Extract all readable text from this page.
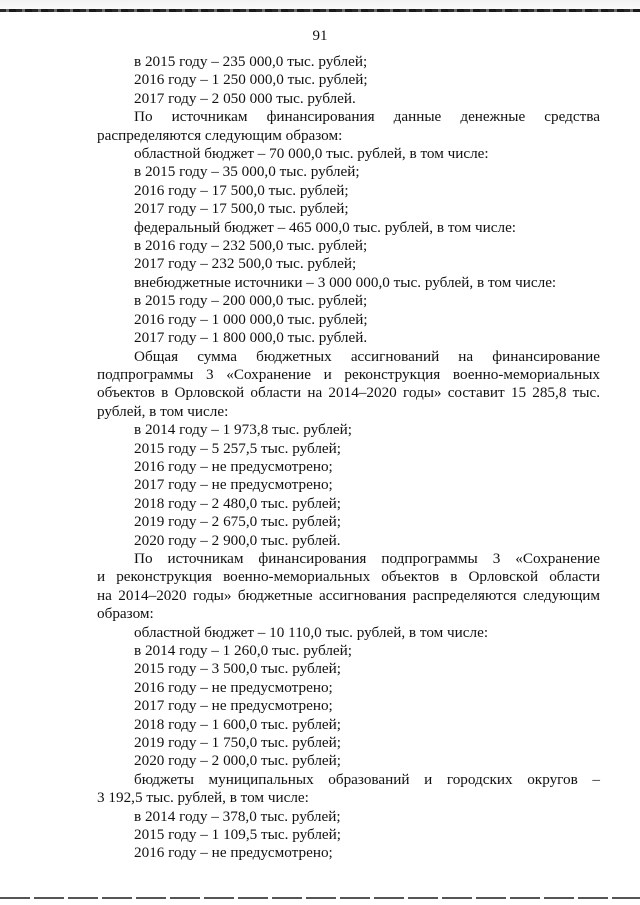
91
в 2015 году – 235 000,0 тыс. рублей;
2016 году – 1 250 000,0 тыс. рублей;
2017 году – 2 050 000 тыс. рублей.
По источникам финансирования данные денежные средства
распределяются следующим образом:
областной бюджет – 70 000,0 тыс. рублей, в том числе:
в 2015 году – 35 000,0 тыс. рублей;
2016 году – 17 500,0 тыс. рублей;
2017 году – 17 500,0 тыс. рублей;
федеральный бюджет – 465 000,0 тыс. рублей, в том числе:
в 2016 году – 232 500,0 тыс. рублей;
2017 году – 232 500,0 тыс. рублей;
внебюджетные источники – 3 000 000,0 тыс. рублей, в том числе:
в 2015 году – 200 000,0 тыс. рублей;
2016 году – 1 000 000,0 тыс. рублей;
2017 году – 1 800 000,0 тыс. рублей.
Общая сумма бюджетных ассигнований на финансирование
подпрограммы 3 «Сохранение и реконструкция военно-мемориальных
объектов в Орловской области на 2014–2020 годы» составит 15 285,8 тыс.
рублей, в том числе:
в 2014 году – 1 973,8 тыс. рублей;
2015 году – 5 257,5 тыс. рублей;
2016 году – не предусмотрено;
2017 году – не предусмотрено;
2018 году – 2 480,0 тыс. рублей;
2019 году – 2 675,0 тыс. рублей;
2020 году – 2 900,0 тыс. рублей.
По источникам финансирования подпрограммы 3 «Сохранение
и реконструкция военно-мемориальных объектов в Орловской области
на 2014–2020 годы» бюджетные ассигнования распределяются следующим
образом:
областной бюджет – 10 110,0 тыс. рублей, в том числе:
в 2014 году – 1 260,0 тыс. рублей;
2015 году – 3 500,0 тыс. рублей;
2016 году – не предусмотрено;
2017 году – не предусмотрено;
2018 году – 1 600,0 тыс. рублей;
2019 году – 1 750,0 тыс. рублей;
2020 году – 2 000,0 тыс. рублей;
бюджеты муниципальных образований и городских округов –
3 192,5 тыс. рублей, в том числе:
в 2014 году – 378,0 тыс. рублей;
2015 году – 1 109,5 тыс. рублей;
2016 году – не предусмотрено;
